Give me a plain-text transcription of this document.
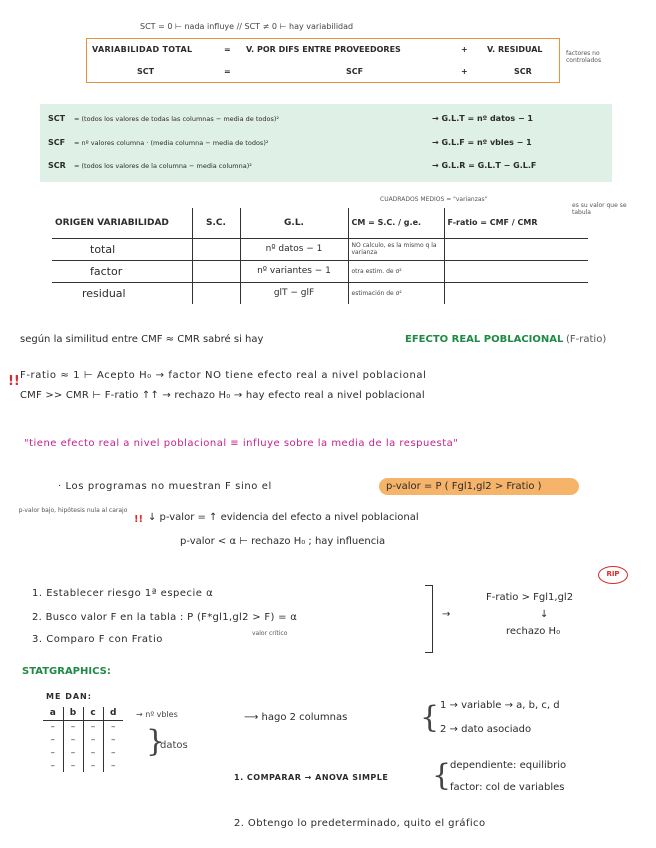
SCT = 0 ⊢ nada influye // SCT ≠ 0 ⊢ hay variabilidad
VARIABILIDAD TOTAL	= V. POR DIFS ENTRE PROVEEDORES	+ V. RESIDUAL
SCT	=	SCF	+	SCR
factores no controlados
SCT = (todos los valores de todas las columnas − media de todos)²	→ G.L.T = nº datos − 1
SCF = nº valores columna · (media columna − media de todos)²	→ G.L.F = nº vbles − 1
SCR = (todos los valores de la columna − media columna)²	→ G.L.R = G.L.T − G.L.F
CUADRADOS MEDIOS = "varianzas"
es su valor que se tabula
ORIGEN VARIABILIDAD	S.C.	G.L.	CM = S.C. / g.e.	F-ratio = CMF / CMR
total		nº datos − 1	NO calculo, es la mismo q la varianza	
factor		nº variantes − 1	otra estim. de σ²	
residual		glT − glF	estimación de σ²	
según la similitud entre CMF ≈ CMR sabré si hay	EFECTO REAL POBLACIONAL (F-ratio)
!! F-ratio ≈ 1 ⊢ Acepto H₀ → factor NO tiene efecto real a nivel poblacional
CMF >> CMR ⊢ F-ratio ↑↑ → rechazo H₀ → hay efecto real a nivel poblacional
"tiene efecto real a nivel poblacional ≡ influye sobre la media de la respuesta"
· Los programas no muestran F sino el	p-valor = P ( Fgl1,gl2 > Fratio )
p-valor bajo, hipótesis nula al carajo
!! ↓ p-valor = ↑ evidencia del efecto a nivel poblacional
p-valor < α ⊢ rechazo H₀ ; hay influencia
1. Establecer riesgo 1ª especie α
2. Busco valor F en la tabla : P (F*gl1,gl2 > F) = α
3. Comparo F con Fratio
valor crítico
→
F-ratio > Fgl1,gl2
↓
rechazo H₀
RIP
STATGRAPHICS:
ME DAN:
a	b	c	d
–	–	–	–
–	–	–	–
–	–	–	–
–	–	–	–
→ nº vbles
}
datos
⟶ hago 2 columnas { 1 → variable → a, b, c, d
2 → dato asociado
1. COMPARAR → ANOVA SIMPLE {
dependiente: equilibrio
factor: col de variables
2. Obtengo lo predeterminado, quito el gráfico
